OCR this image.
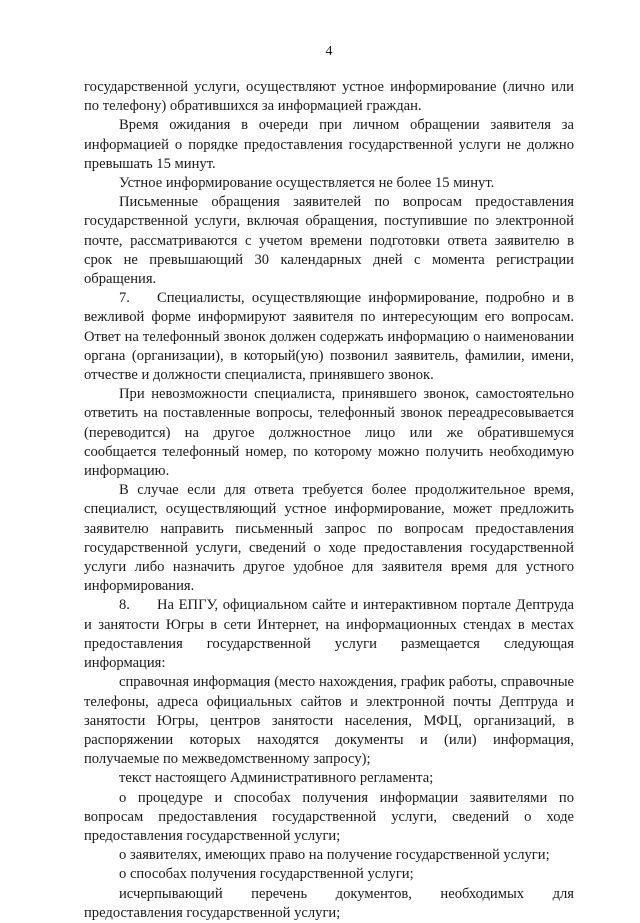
4

государственной услуги, осуществляют устное информирование (лично или по телефону) обратившихся за информацией граждан.

Время ожидания в очереди при личном обращении заявителя за информацией о порядке предоставления государственной услуги не должно превышать 15 минут.

Устное информирование осуществляется не более 15 минут.

Письменные обращения заявителей по вопросам предоставления государственной услуги, включая обращения, поступившие по электронной почте, рассматриваются с учетом времени подготовки ответа заявителю в срок не превышающий 30 календарных дней с момента регистрации обращения.

7. Специалисты, осуществляющие информирование, подробно и в вежливой форме информируют заявителя по интересующим его вопросам. Ответ на телефонный звонок должен содержать информацию о наименовании органа (организации), в который(ую) позвонил заявитель, фамилии, имени, отчестве и должности специалиста, принявшего звонок.

При невозможности специалиста, принявшего звонок, самостоятельно ответить на поставленные вопросы, телефонный звонок переадресовывается (переводится) на другое должностное лицо или же обратившемуся сообщается телефонный номер, по которому можно получить необходимую информацию.

В случае если для ответа требуется более продолжительное время, специалист, осуществляющий устное информирование, может предложить заявителю направить письменный запрос по вопросам предоставления государственной услуги, сведений о ходе предоставления государственной услуги либо назначить другое удобное для заявителя время для устного информирования.

8. На ЕПГУ, официальном сайте и интерактивном портале Дептруда и занятости Югры в сети Интернет, на информационных стендах в местах предоставления государственной услуги размещается следующая информация:

справочная информация (место нахождения, график работы, справочные телефоны, адреса официальных сайтов и электронной почты Дептруда и занятости Югры, центров занятости населения, МФЦ, организаций, в распоряжении которых находятся документы и (или) информация, получаемые по межведомственному запросу);

текст настоящего Административного регламента;

о процедуре и способах получения информации заявителями по вопросам предоставления государственной услуги, сведений о ходе предоставления государственной услуги;

о заявителях, имеющих право на получение государственной услуги;

о способах получения государственной услуги;

исчерпывающий перечень документов, необходимых для предоставления государственной услуги;
